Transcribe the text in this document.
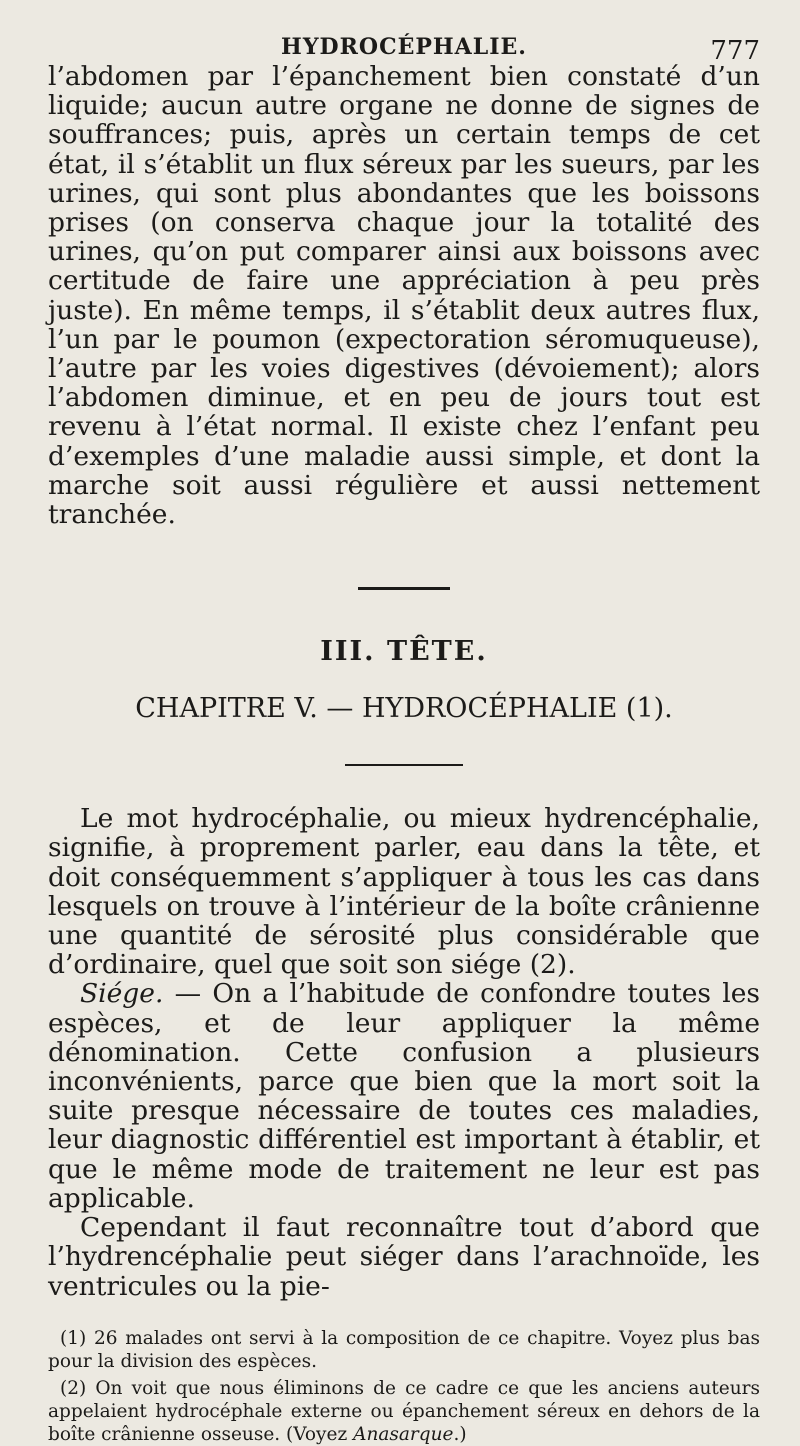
HYDROCÉPHALIE.	777

l’abdomen par l’épanchement bien constaté d’un liquide; aucun autre organe ne donne de signes de souffrances; puis, après un certain temps de cet état, il s’établit un flux séreux par les sueurs, par les urines, qui sont plus abondantes que les boissons prises (on conserva chaque jour la totalité des urines, qu’on put comparer ainsi aux boissons avec certitude de faire une appréciation à peu près juste). En même temps, il s’établit deux autres flux, l’un par le poumon (expectoration séromuqueuse), l’autre par les voies digestives (dévoiement); alors l’abdomen diminue, et en peu de jours tout est revenu à l’état normal. Il existe chez l’enfant peu d’exemples d’une maladie aussi simple, et dont la marche soit aussi régulière et aussi nettement tranchée.

III. TÊTE.
CHAPITRE V. — HYDROCÉPHALIE (1).

Le mot hydrocéphalie, ou mieux hydrencéphalie, signifie, à proprement parler, eau dans la tête, et doit conséquemment s’appliquer à tous les cas dans lesquels on trouve à l’intérieur de la boîte crânienne une quantité de sérosité plus considérable que d’ordinaire, quel que soit son siége (2).

Siége. — On a l’habitude de confondre toutes les espèces, et de leur appliquer la même dénomination. Cette confusion a plusieurs inconvénients, parce que bien que la mort soit la suite presque nécessaire de toutes ces maladies, leur diagnostic différentiel est important à établir, et que le même mode de traitement ne leur est pas applicable.

Cependant il faut reconnaître tout d’abord que l’hydrencéphalie peut siéger dans l’arachnoïde, les ventricules ou la pie-

(1) 26 malades ont servi à la composition de ce chapitre. Voyez plus bas pour la division des espèces.

(2) On voit que nous éliminons de ce cadre ce que les anciens auteurs appelaient hydrocéphale externe ou épanchement séreux en dehors de la boîte crânienne osseuse. (Voyez Anasarque.)
